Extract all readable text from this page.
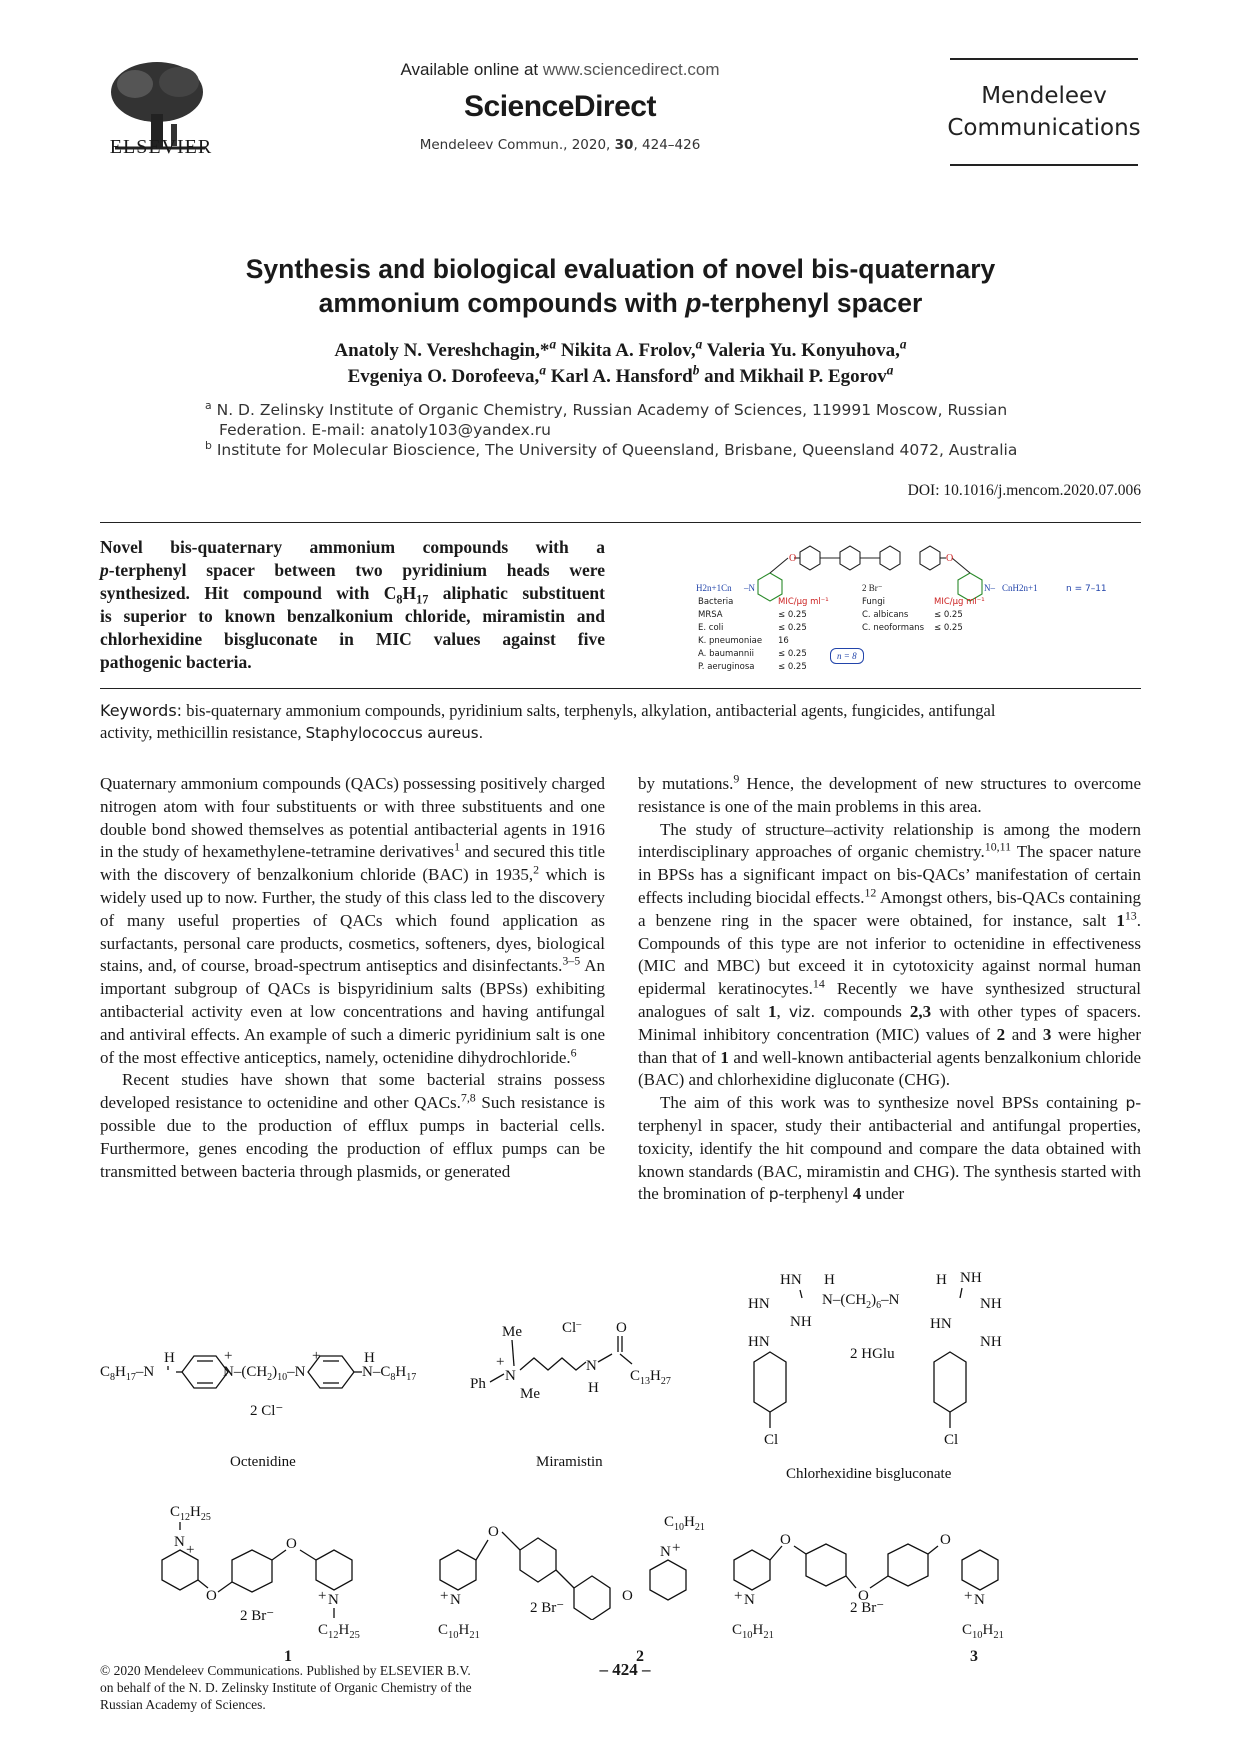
ELSEVIER
Available online at www.sciencedirect.com
ScienceDirect
Mendeleev Commun., 2020, 30, 424–426
Mendeleev
Communications
Synthesis and biological evaluation of novel bis-quaternary
ammonium compounds with p-terphenyl spacer
Anatoly N. Vereshchagin,*$^a$ Nikita A. Frolov,$^a$ Valeria Yu. Konyuhova,$^a$
Evgeniya O. Dorofeeva,$^a$ Karl A. Hansford$^b$ and Mikhail P. Egorov$^a$
$^a$ N. D. Zelinsky Institute of Organic Chemistry, Russian Academy of Sciences, 119991 Moscow, Russian
Federation. E-mail: anatoly103@yandex.ru
$^b$ Institute for Molecular Bioscience, The University of Queensland, Brisbane, Queensland 4072, Australia
DOI: 10.1016/j.mencom.2020.07.006
Novel bis-quaternary ammonium compounds with a
p-terphenyl spacer between two pyridinium heads were
synthesized. Hit compound with $C_8H_{17}$ aliphatic substituent
is superior to known benzalkonium chloride, miramistin and
chlorhexidine bisgluconate in MIC values against five
pathogenic bacteria.
O	O
H2n+1Cn –N	N– CnH2n+1
2 Br⁻	n = 7–11
Bacteria	MIC/μg ml⁻¹
MRSA	≤ 0.25
E. coli	≤ 0.25
K. pneumoniae	16
A. baumannii	≤ 0.25
P. aeruginosa	≤ 0.25
Fungi	MIC/μg ml⁻¹
C. albicans	≤ 0.25
C. neoformans	≤ 0.25
n = 8
Keywords: bis-quaternary ammonium compounds, pyridinium salts, terphenyls, alkylation, antibacterial agents, fungicides, antifungal
activity, methicillin resistance, Staphylococcus aureus.
Quaternary ammonium compounds (QACs) possessing positively charged nitrogen atom with four substituents or with three substituents and one double bond showed themselves as potential antibacterial agents in 1916 in the study of hexamethylene-tetramine derivatives$^1$ and secured this title with the discovery of benzalkonium chloride (BAC) in 1935,$^2$ which is widely used up to now. Further, the study of this class led to the discovery of many useful properties of QACs which found application as surfactants, personal care products, cosmetics, softeners, dyes, biological stains, and, of course, broad-spectrum antiseptics and disinfectants.$^{3-5}$ An important subgroup of QACs is bispyridinium salts (BPSs) exhibiting antibacterial activity even at low concentrations and having antifungal and antiviral effects. An example of such a dimeric pyridinium salt is one of the most effective anticeptics, namely, octenidine dihydrochloride.$^6$
Recent studies have shown that some bacterial strains possess developed resistance to octenidine and other QACs.$^{7,8}$ Such resistance is possible due to the production of efflux pumps in bacterial cells. Furthermore, genes encoding the production of efflux pumps can be transmitted between bacteria through plasmids, or generated
by mutations.$^9$ Hence, the development of new structures to overcome resistance is one of the main problems in this area.
The study of structure–activity relationship is among the modern interdisciplinary approaches of organic chemistry.$^{10,11}$ The spacer nature in BPSs has a significant impact on bis-QACs’ manifestation of certain effects including biocidal effects.$^{12}$ Amongst others, bis-QACs containing a benzene ring in the spacer were obtained, for instance, salt $1^{13}$. Compounds of this type are not inferior to octenidine in effectiveness (MIC and MBC) but exceed it in cytotoxicity against normal human epidermal keratinocytes.$^{14}$ Recently we have synthesized structural analogues of salt 1, viz. compounds 2,3 with other types of spacers. Minimal inhibitory concentration (MIC) values of 2 and 3 were higher than that of 1 and well-known antibacterial agents benzalkonium chloride (BAC) and chlorhexidine digluconate (CHG).
The aim of this work was to synthesize novel BPSs containing p-terphenyl in spacer, study their antibacterial and antifungal properties, toxicity, identify the hit compound and compare the data obtained with known standards (BAC, miramistin and CHG). The synthesis started with the bromination of p-terphenyl 4 under
$C_8H_{17}-N$
H
$N-(CH_2)_{10}-N$
+	+	H
$N-C_8H_{17}$
2 Cl⁻
Octenidine
Me	Cl– O
Ph N
+
Me
N
H
$C_{13}H_{27}$
Miramistin
HN H	H NH
HN	$N-(CH_2)_6-N$	NH
NH	HN
HN	NH
Cl	Cl
2 HGlu
Chlorhexidine bisgluconate
$C_{12}H_{25}$
N +
O
O
N
+
2 Br⁻
N
+
O
O
N +
$C_{10}H_{21}$
2 Br⁻	N
+
O
O
O
N
+
2 Br⁻
$C_{12}H_{25}$	$C_{10}H_{21}$	$C_{10}H_{21}$	$C_{10}H_{21}$
1	2	3
© 2020 Mendeleev Communications. Published by ELSEVIER B.V.
on behalf of the N. D. Zelinsky Institute of Organic Chemistry of the
Russian Academy of Sciences.
– 424 –
